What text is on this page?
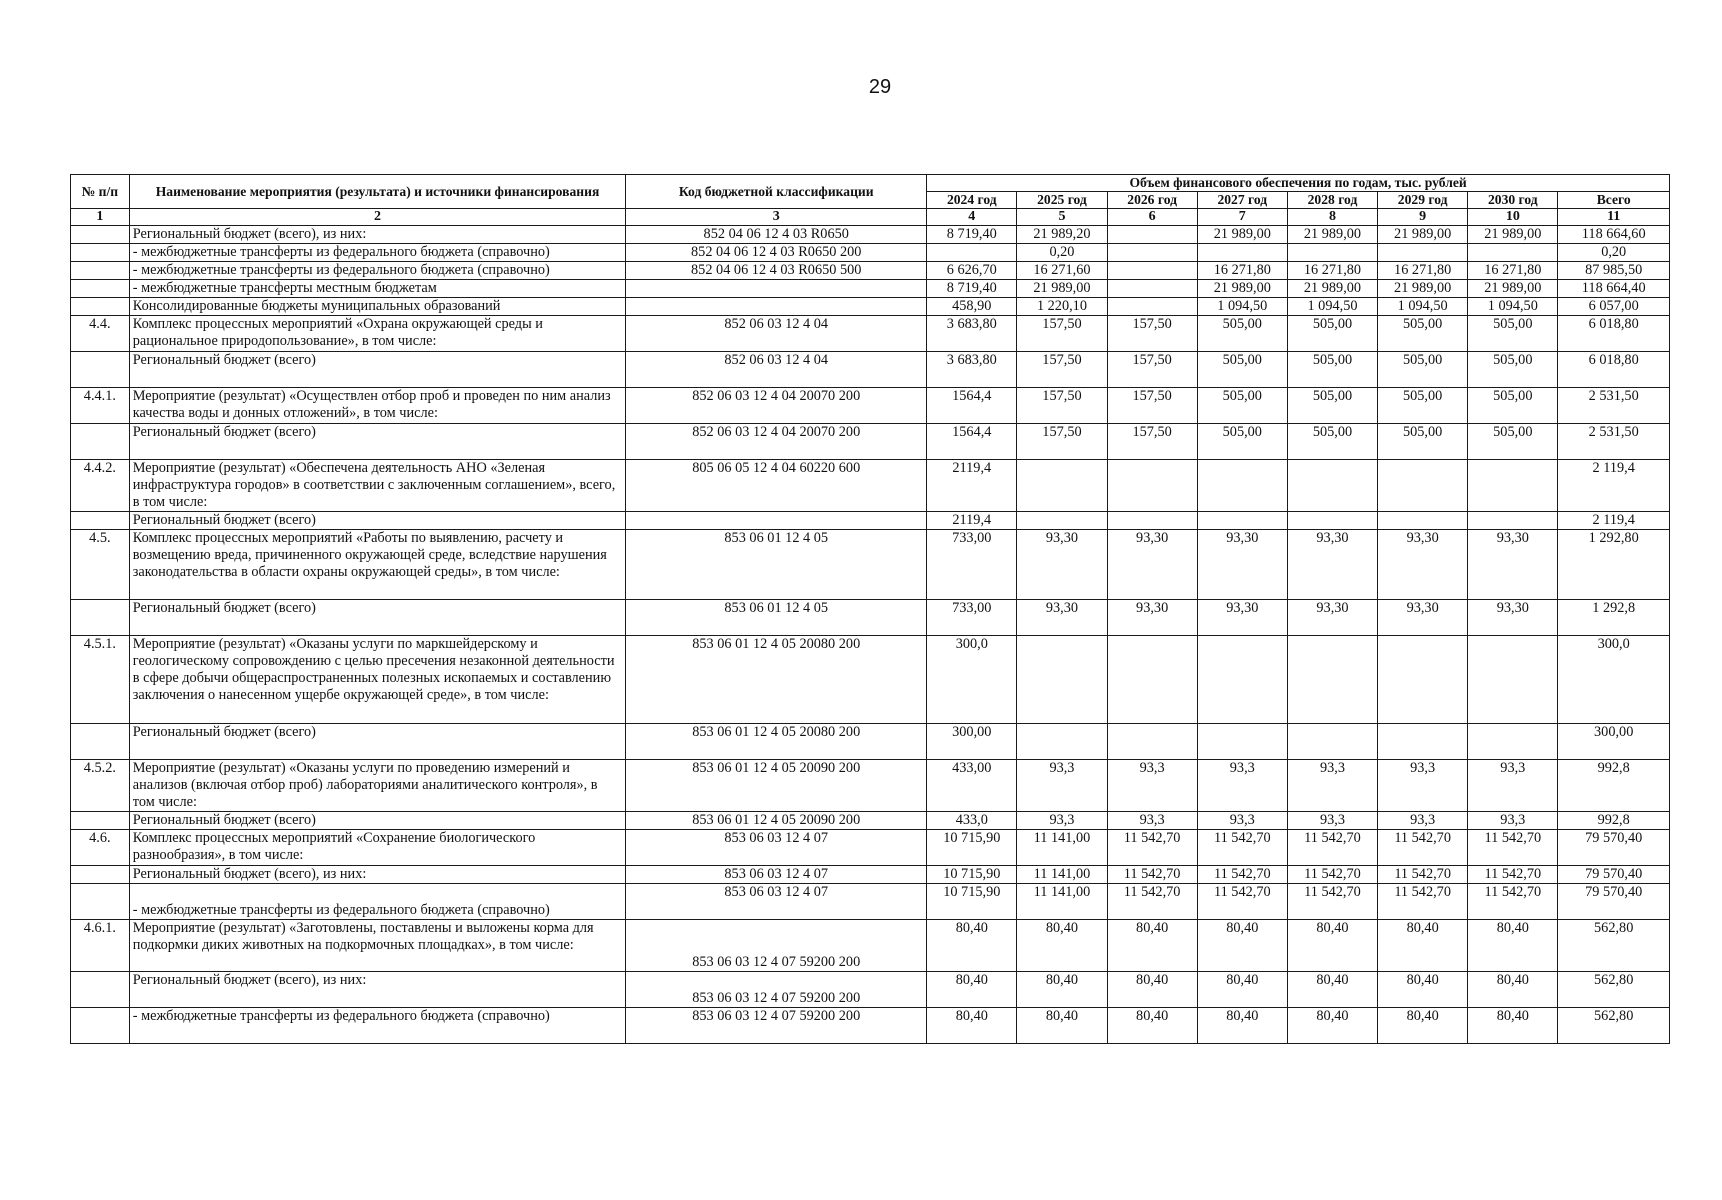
29
№ п/п	Наименование мероприятия (результата) и источники финансирования	Код бюджетной классификации	Объем финансового обеспечения по годам, тыс. рублей							
			2024 год	2025 год	2026 год	2027 год	2028 год	2029 год	2030 год	Всего
1	2	3	4	5	6	7	8	9	10	11
	Региональный бюджет (всего), из них:	852 04 06 12 4 03 R0650	8 719,40	21 989,20		21 989,00	21 989,00	21 989,00	21 989,00	118 664,60
	- межбюджетные трансферты из федерального бюджета (справочно)	852 04 06 12 4 03 R0650 200		0,20						0,20
	- межбюджетные трансферты из федерального бюджета (справочно)	852 04 06 12 4 03 R0650 500	6 626,70	16 271,60		16 271,80	16 271,80	16 271,80	16 271,80	87 985,50
	- межбюджетные трансферты местным бюджетам		8 719,40	21 989,00		21 989,00	21 989,00	21 989,00	21 989,00	118 664,40
	Консолидированные бюджеты муниципальных образований		458,90	1 220,10		1 094,50	1 094,50	1 094,50	1 094,50	6 057,00
4.4.	Комплекс процессных мероприятий «Охрана окружающей среды и рациональное природопользование», в том числе:	852 06 03 12 4 04	3 683,80	157,50	157,50	505,00	505,00	505,00	505,00	6 018,80
	Региональный бюджет (всего)	852 06 03 12 4 04	3 683,80	157,50	157,50	505,00	505,00	505,00	505,00	6 018,80
4.4.1.	Мероприятие (результат) «Осуществлен отбор проб и проведен по ним анализ качества воды и донных отложений», в том числе:	852 06 03 12 4 04 20070 200	1564,4	157,50	157,50	505,00	505,00	505,00	505,00	2 531,50
	Региональный бюджет (всего)	852 06 03 12 4 04 20070 200	1564,4	157,50	157,50	505,00	505,00	505,00	505,00	2 531,50
4.4.2.	Мероприятие (результат) «Обеспечена деятельность АНО «Зеленая инфраструктура городов» в соответствии с заключенным соглашением», всего, в том числе:	805 06 05 12 4 04 60220 600	2119,4							2 119,4
	Региональный бюджет (всего)		2119,4							2 119,4
4.5.	Комплекс процессных мероприятий «Работы по выявлению, расчету и возмещению вреда, причиненного окружающей среде, вследствие нарушения законодательства в области охраны окружающей среды», в том числе:	853 06 01 12 4 05	733,00	93,30	93,30	93,30	93,30	93,30	93,30	1 292,80
	Региональный бюджет (всего)	853 06 01 12 4 05	733,00	93,30	93,30	93,30	93,30	93,30	93,30	1 292,8
4.5.1.	Мероприятие (результат) «Оказаны услуги по маркшейдерскому и геологическому сопровождению с целью пресечения незаконной деятельности в сфере добычи общераспространенных полезных ископаемых и составлению заключения о нанесенном ущербе окружающей среде», в том числе:	853 06 01 12 4 05 20080 200	300,0							300,0
	Региональный бюджет (всего)	853 06 01 12 4 05 20080 200	300,00							300,00
4.5.2.	Мероприятие (результат) «Оказаны услуги по проведению измерений и анализов (включая отбор проб) лабораториями аналитического контроля», в том числе:	853 06 01 12 4 05 20090 200	433,00	93,3	93,3	93,3	93,3	93,3	93,3	992,8
	Региональный бюджет (всего)	853 06 01 12 4 05 20090 200	433,0	93,3	93,3	93,3	93,3	93,3	93,3	992,8
4.6.	Комплекс процессных мероприятий «Сохранение биологического разнообразия», в том числе:	853 06 03 12 4 07	10 715,90	11 141,00	11 542,70	11 542,70	11 542,70	11 542,70	11 542,70	79 570,40
	Региональный бюджет (всего), из них:	853 06 03 12 4 07	10 715,90	11 141,00	11 542,70	11 542,70	11 542,70	11 542,70	11 542,70	79 570,40
	- межбюджетные трансферты из федерального бюджета (справочно)	853 06 03 12 4 07	10 715,90	11 141,00	11 542,70	11 542,70	11 542,70	11 542,70	11 542,70	79 570,40
4.6.1.	Мероприятие (результат) «Заготовлены, поставлены и выложены корма для подкормки диких животных на подкормочных площадках», в том числе:	853 06 03 12 4 07 59200 200	80,40	80,40	80,40	80,40	80,40	80,40	80,40	562,80
	Региональный бюджет (всего), из них:	853 06 03 12 4 07 59200 200	80,40	80,40	80,40	80,40	80,40	80,40	80,40	562,80
	- межбюджетные трансферты из федерального бюджета (справочно)	853 06 03 12 4 07 59200 200	80,40	80,40	80,40	80,40	80,40	80,40	80,40	562,80
